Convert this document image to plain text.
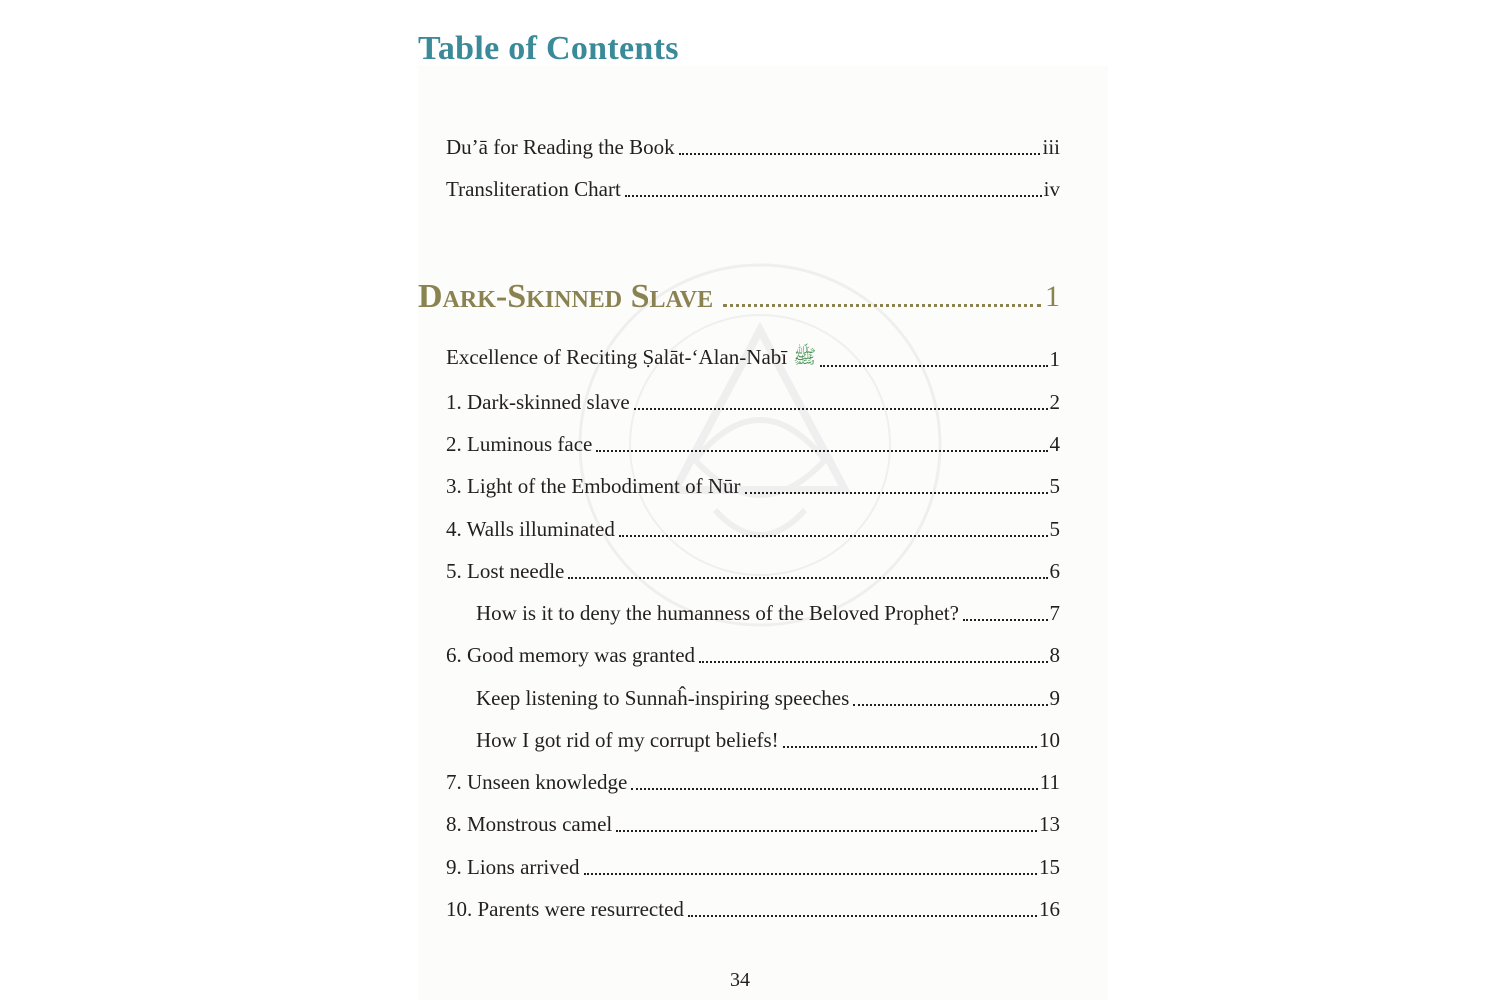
Table of Contents
Du’ā for Reading the Book	iii
Transliteration Chart	iv
Dark-Skinned Slave	1
Excellence of Reciting Ṣalāt-‘Alan-Nabī ﷺ	1
1. Dark-skinned slave	2
2. Luminous face	4
3. Light of the Embodiment of Nūr	5
4. Walls illuminated	5
5. Lost needle	6
How is it to deny the humanness of the Beloved Prophet?	7
6. Good memory was granted	8
Keep listening to Sunnaĥ-inspiring speeches	9
How I got rid of my corrupt beliefs!	10
7. Unseen knowledge	11
8. Monstrous camel	13
9. Lions arrived	15
10. Parents were resurrected	16
34
